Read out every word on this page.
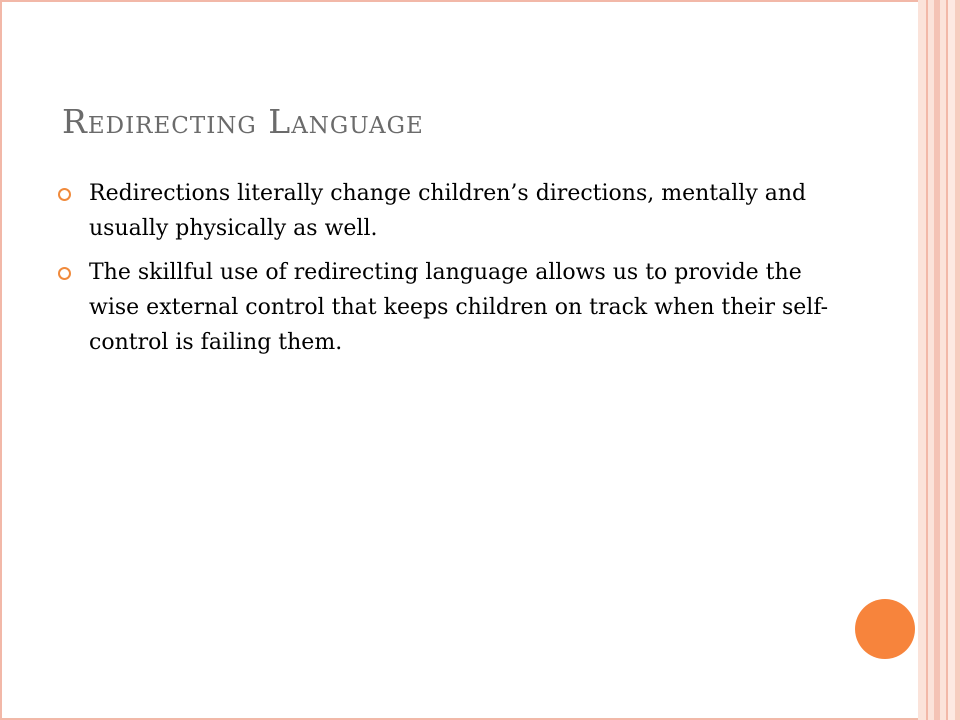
Redirecting Language
Redirections literally change children’s directions, mentally and usually physically as well.
The skillful use of redirecting language allows us to provide the wise external control that keeps children on track when their self-control is failing them.
